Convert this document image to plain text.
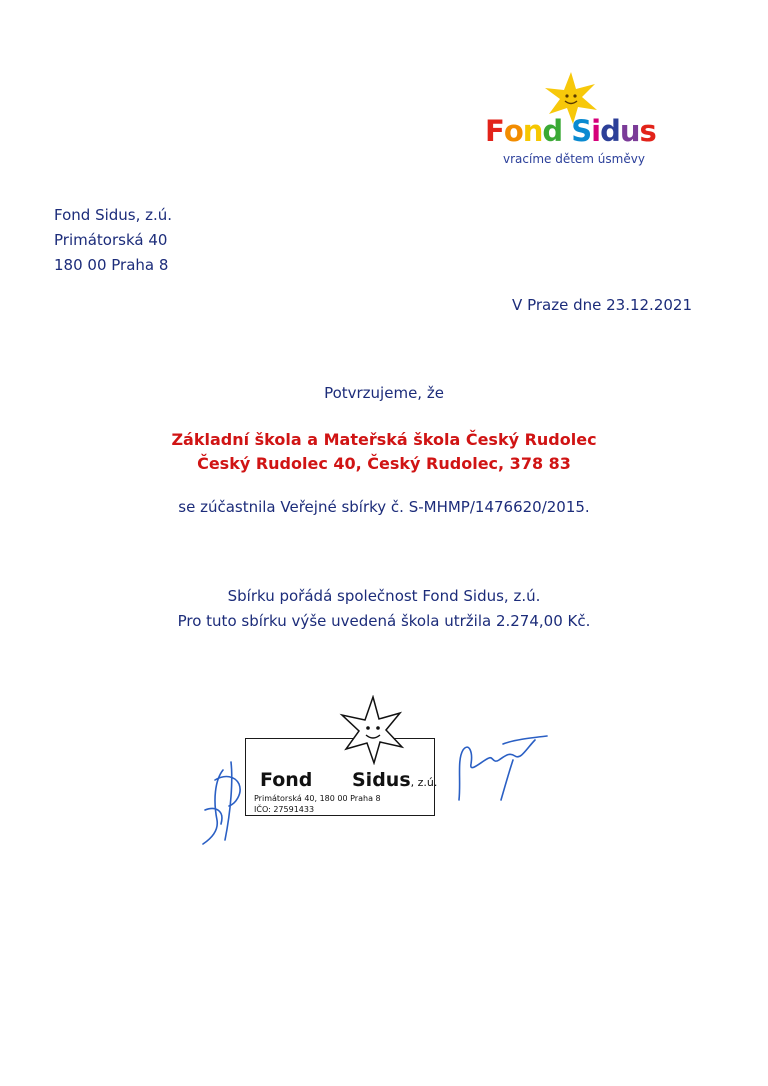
Fond Sidus
vracíme dětem úsměvy
Fond Sidus, z.ú.
Primátorská 40
180 00 Praha 8
V Praze dne 23.12.2021
Potvrzujeme, že
Základní škola a Mateřská škola Český Rudolec
Český Rudolec 40, Český Rudolec, 378 83
se zúčastnila Veřejné sbírky č. S-MHMP/1476620/2015.
Sbírku pořádá společnost Fond Sidus, z.ú.
Pro tuto sbírku výše uvedená škola utržila 2.274,00 Kč.
Fond Sidus, z.ú.
Primátorská 40, 180 00 Praha 8
IČO: 27591433
